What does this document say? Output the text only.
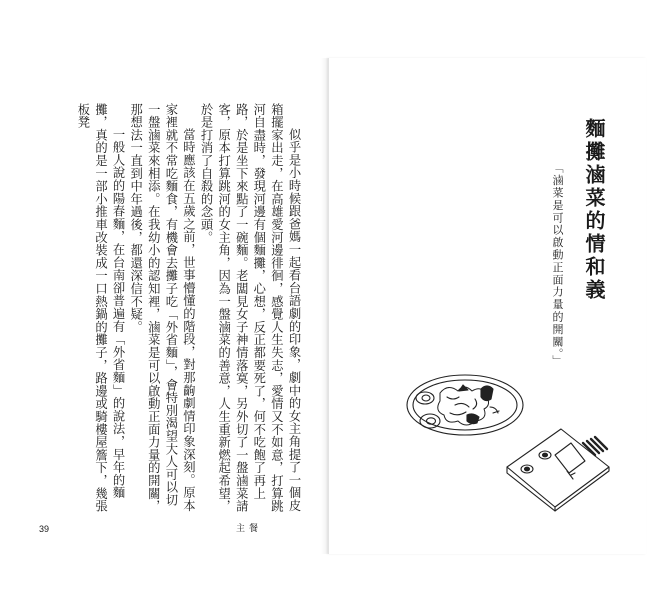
似乎是小時候跟爸媽一起看台語劇的印象，劇中的女主角提了一個皮箱擺家出走，在高雄愛河邊徘徊，感覺人生失志，愛情又不如意，打算跳河自盡時，發現河邊有個麵攤，心想，反正都要死了，何不吃飽了再上路，於是坐下來點了一碗麵。老闆見女子神情落寞，另外切了一盤滷菜請客，原本打算跳河的女主角，因為一盤滷菜的善意，人生重新燃起希望，於是打消了自殺的念頭。

當時應該在五歲之前，世事懵懂的階段，對那齣劇情印象深刻。原本家裡就不常吃麵食，有機會去攤子吃「外省麵」，會特別渴望大人可以切一盤滷菜來相添。在我幼小的認知裡，滷菜是可以啟動正面力量的開關，那想法一直到中年過後，都還深信不疑。

一般人說的陽春麵，在台南卻普遍有「外省麵」的說法，早年的麵攤，真的是一部小推車改裝成一口熱鍋的攤子，路邊或騎樓屋簷下，幾張板凳

39	主餐
麵攤滷菜的情和義
「滷菜是可以啟動正面力量的開關。」
